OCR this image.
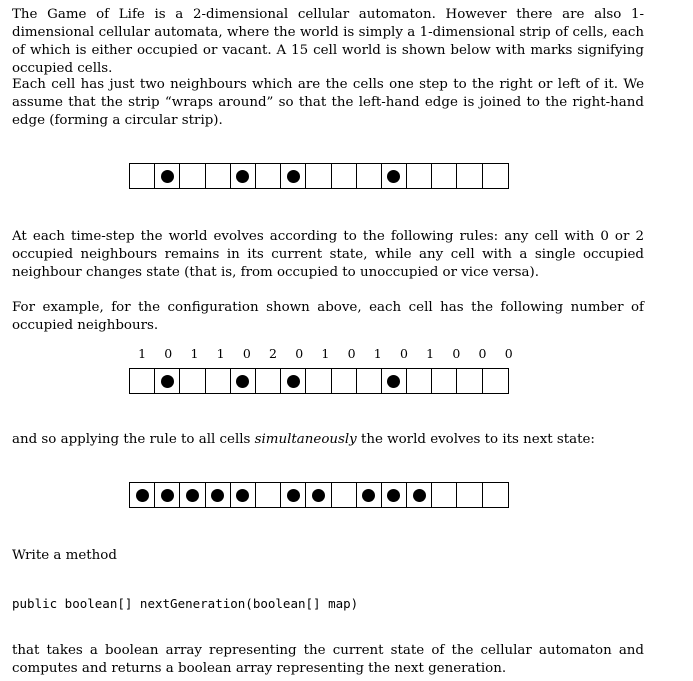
The Game of Life is a 2-dimensional cellular automaton. However there are also 1-dimensional cellular automata, where the world is simply a 1-dimensional strip of cells, each of which is either occupied or vacant. A 15 cell world is shown below with marks signifying occupied cells.

Each cell has just two neighbours which are the cells one step to the right or left of it. We assume that the strip “wraps around” so that the left-hand edge is joined to the right-hand edge (forming a circular strip).

At each time-step the world evolves according to the following rules: any cell with 0 or 2 occupied neighbours remains in its current state, while any cell with a single occupied neighbour changes state (that is, from occupied to unoccupied or vice versa).

For example, for the configuration shown above, each cell has the following number of occupied neighbours.

1	0	1	1	0	2	0	1	0	1	0	1	0	0	0

and so applying the rule to all cells simultaneously the world evolves to its next state:

Write a method

public boolean[] nextGeneration(boolean[] map)

that takes a boolean array representing the current state of the cellular automaton and computes and returns a boolean array representing the next generation.
